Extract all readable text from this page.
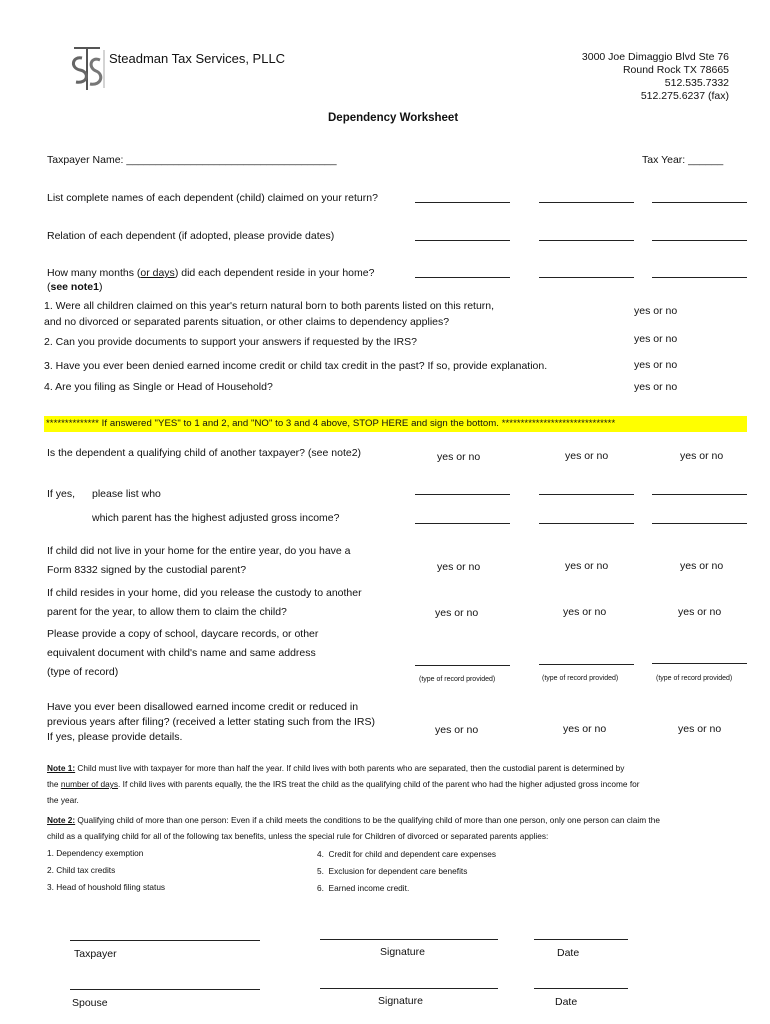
Steadman Tax Services, PLLC	3000 Joe Dimaggio Blvd Ste 76
Round Rock TX 78665
512.535.7332
512.275.6237 (fax)
Dependency Worksheet
Taxpayer Name: ____________________________________	Tax Year: ______
List complete names of each dependent (child) claimed on your return?
Relation of each dependent (if adopted, please provide dates)
How many months (or days) did each dependent reside in your home?
(see note1)
1. Were all children claimed on this year's return natural born to both parents listed on this return,
and no divorced or separated parents situation, or other claims to dependency applies?
yes or no
2. Can you provide documents to support your answers if requested by the IRS?	yes or no
3. Have you ever been denied earned income credit or child tax credit in the past? If so, provide explanation.	yes or no
4. Are you filing as Single or Head of Household?	yes or no
************** If answered "YES" to 1 and 2, and "NO" to 3 and 4 above, STOP HERE and sign the bottom. ******************************
Is the dependent a qualifying child of another taxpayer? (see note2)	yes or no	yes or no	yes or no
If yes, please list who
which parent has the highest adjusted gross income?
If child did not live in your home for the entire year, do you have a
Form 8332 signed by the custodial parent?	yes or no	yes or no	yes or no
If child resides in your home, did you release the custody to another
parent for the year, to allow them to claim the child?	yes or no	yes or no	yes or no
Please provide a copy of school, daycare records, or other
equivalent document with child's name and same address
(type of record)
(type of record provided)	(type of record provided)	(type of record provided)
Have you ever been disallowed earned income credit or reduced in
previous years after filing? (received a letter stating such from the IRS)
If yes, please provide details.
yes or no	yes or no	yes or no
Note 1: Child must live with taxpayer for more than half the year. If child lives with both parents who are separated, then the custodial parent is determined by
the number of days. If child lives with parents equally, the the IRS treat the child as the qualifying child of the parent who had the higher adjusted gross income for
the year.
Note 2: Qualifying child of more than one person: Even if a child meets the conditions to be the qualifying child of more than one person, only one person can claim the
child as a qualifying child for all of the following tax benefits, unless the special rule for Children of divorced or separated parents applies:
1. Dependency exemption
2. Child tax credits
3. Head of houshold filing status
4. Credit for child and dependent care expenses
5. Exclusion for dependent care benefits
6. Earned income credit.
Taxpayer	Signature	Date
Spouse	Signature	Date
